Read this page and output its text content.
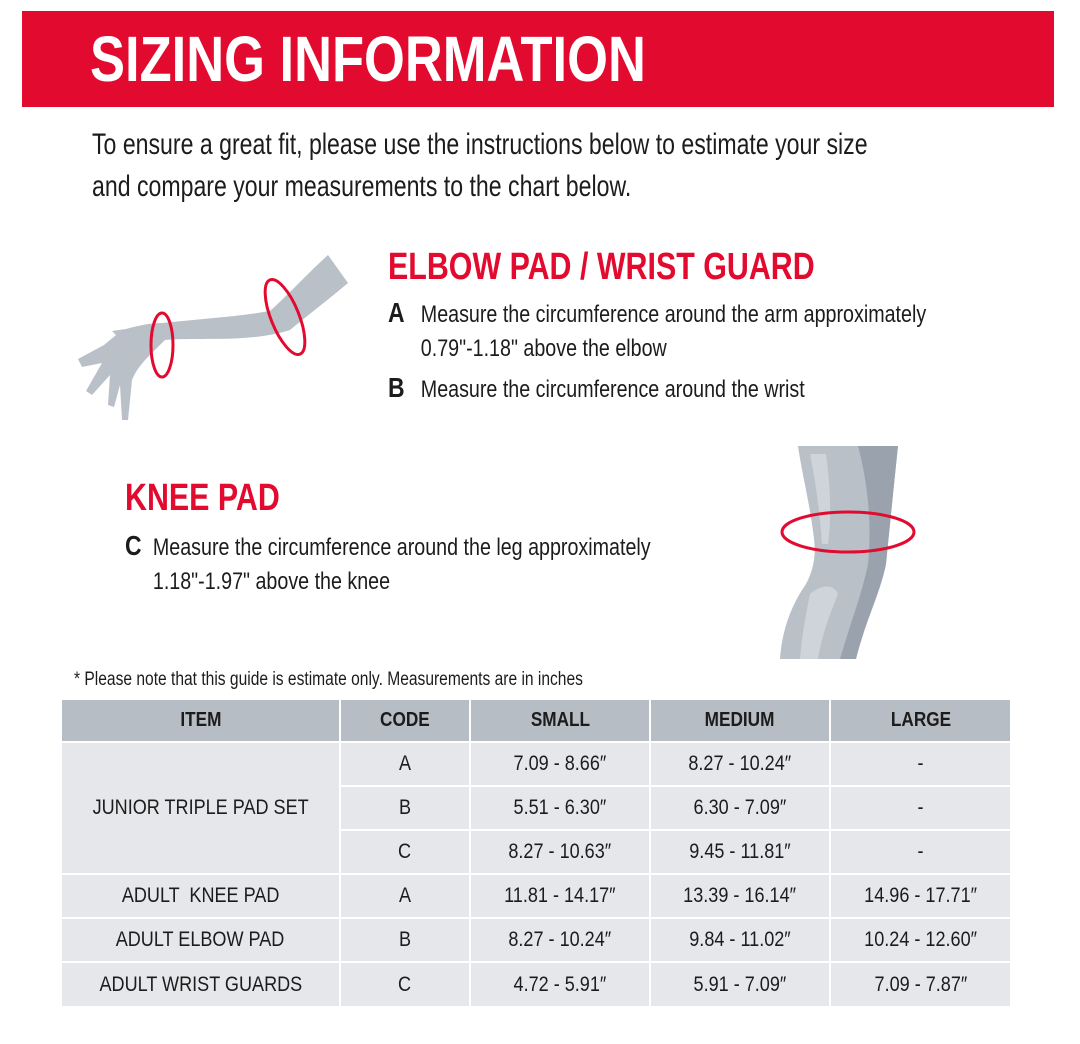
SIZING INFORMATION
To ensure a great fit, please use the instructions below to estimate your size
and compare your measurements to the chart below.
ELBOW PAD / WRIST GUARD
A Measure the circumference around the arm approximately
0.79"-1.18" above the elbow
B Measure the circumference around the wrist
KNEE PAD
C Measure the circumference around the leg approximately
1.18"-1.97" above the knee
* Please note that this guide is estimate only. Measurements are in inches
ITEM	CODE	SMALL	MEDIUM	LARGE
JUNIOR TRIPLE PAD SET	A	7.09 - 8.66″	8.27 - 10.24″	-
	B	5.51 - 6.30″	6.30 - 7.09″	-
	C	8.27 - 10.63″	9.45 - 11.81″	-
ADULT  KNEE PAD	A	11.81 - 14.17″	13.39 - 16.14″	14.96 - 17.71″
ADULT ELBOW PAD	B	8.27 - 10.24″	9.84 - 11.02″	10.24 - 12.60″
ADULT WRIST GUARDS	C	4.72 - 5.91″	5.91 - 7.09″	7.09 - 7.87″
